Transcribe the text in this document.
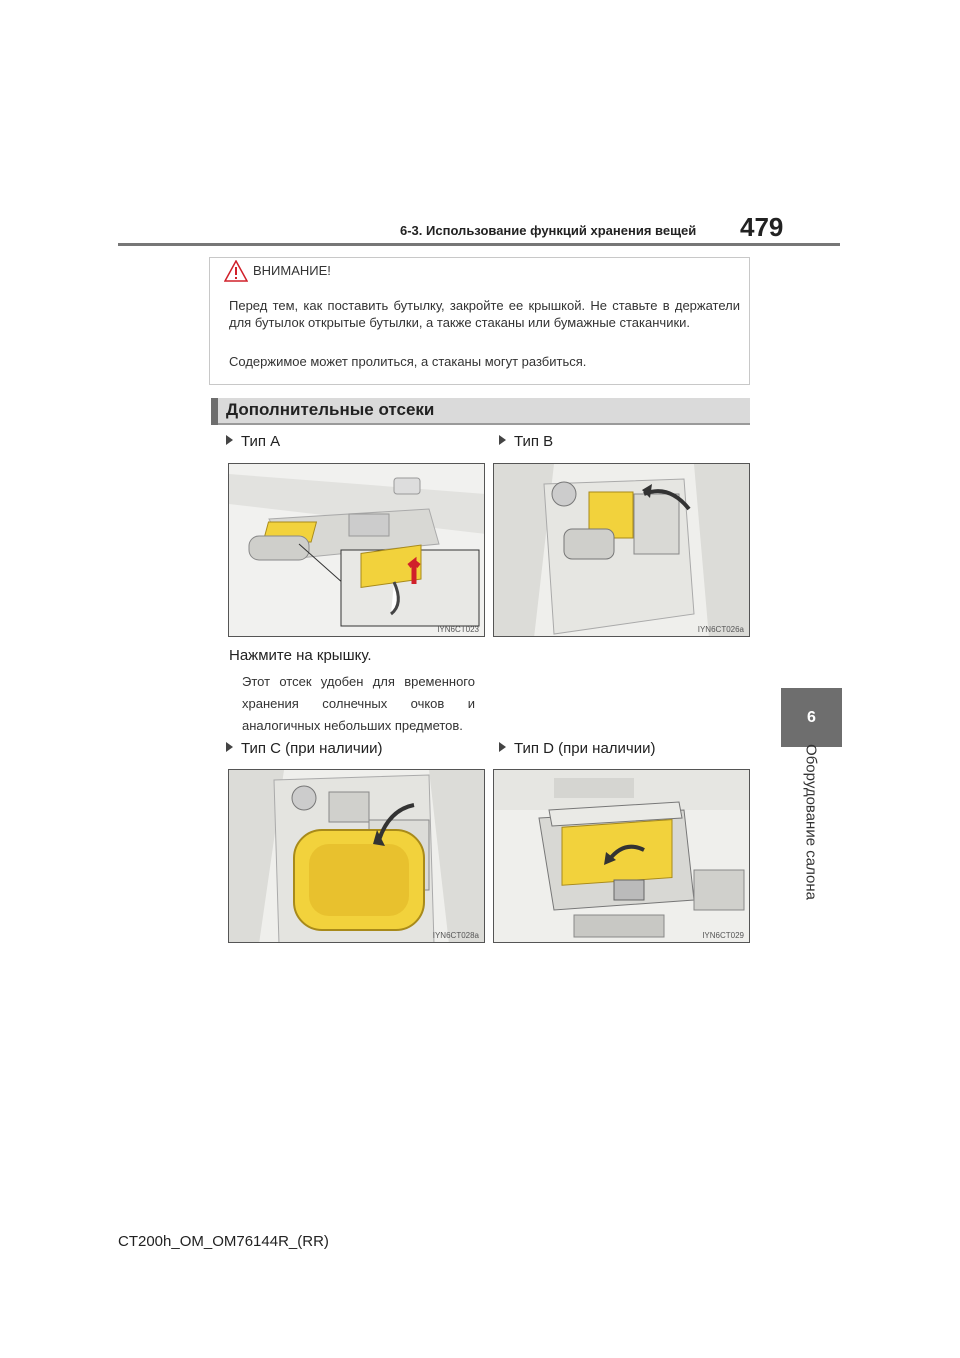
6-3. Использование функций хранения вещей 479
6
Оборудование салона
ВНИМАНИЕ!

Перед тем, как поставить бутылку, закройте ее крышкой. Не ставьте в держатели для бутылок открытые бутылки, а также стаканы или бумажные стаканчики.

Содержимое может пролиться, а стаканы могут разбиться.

Дополнительные отсеки
Тип A	Тип B
IYN6CT023	IYN6CT026a
Нажмите на крышку.

Этот отсек удобен для временного хранения солнечных очков и аналогичных небольших предметов.

Тип C (при наличии)	Тип D (при наличии)
IYN6CT028a	IYN6CT029
CT200h_OM_OM76144R_(RR)
